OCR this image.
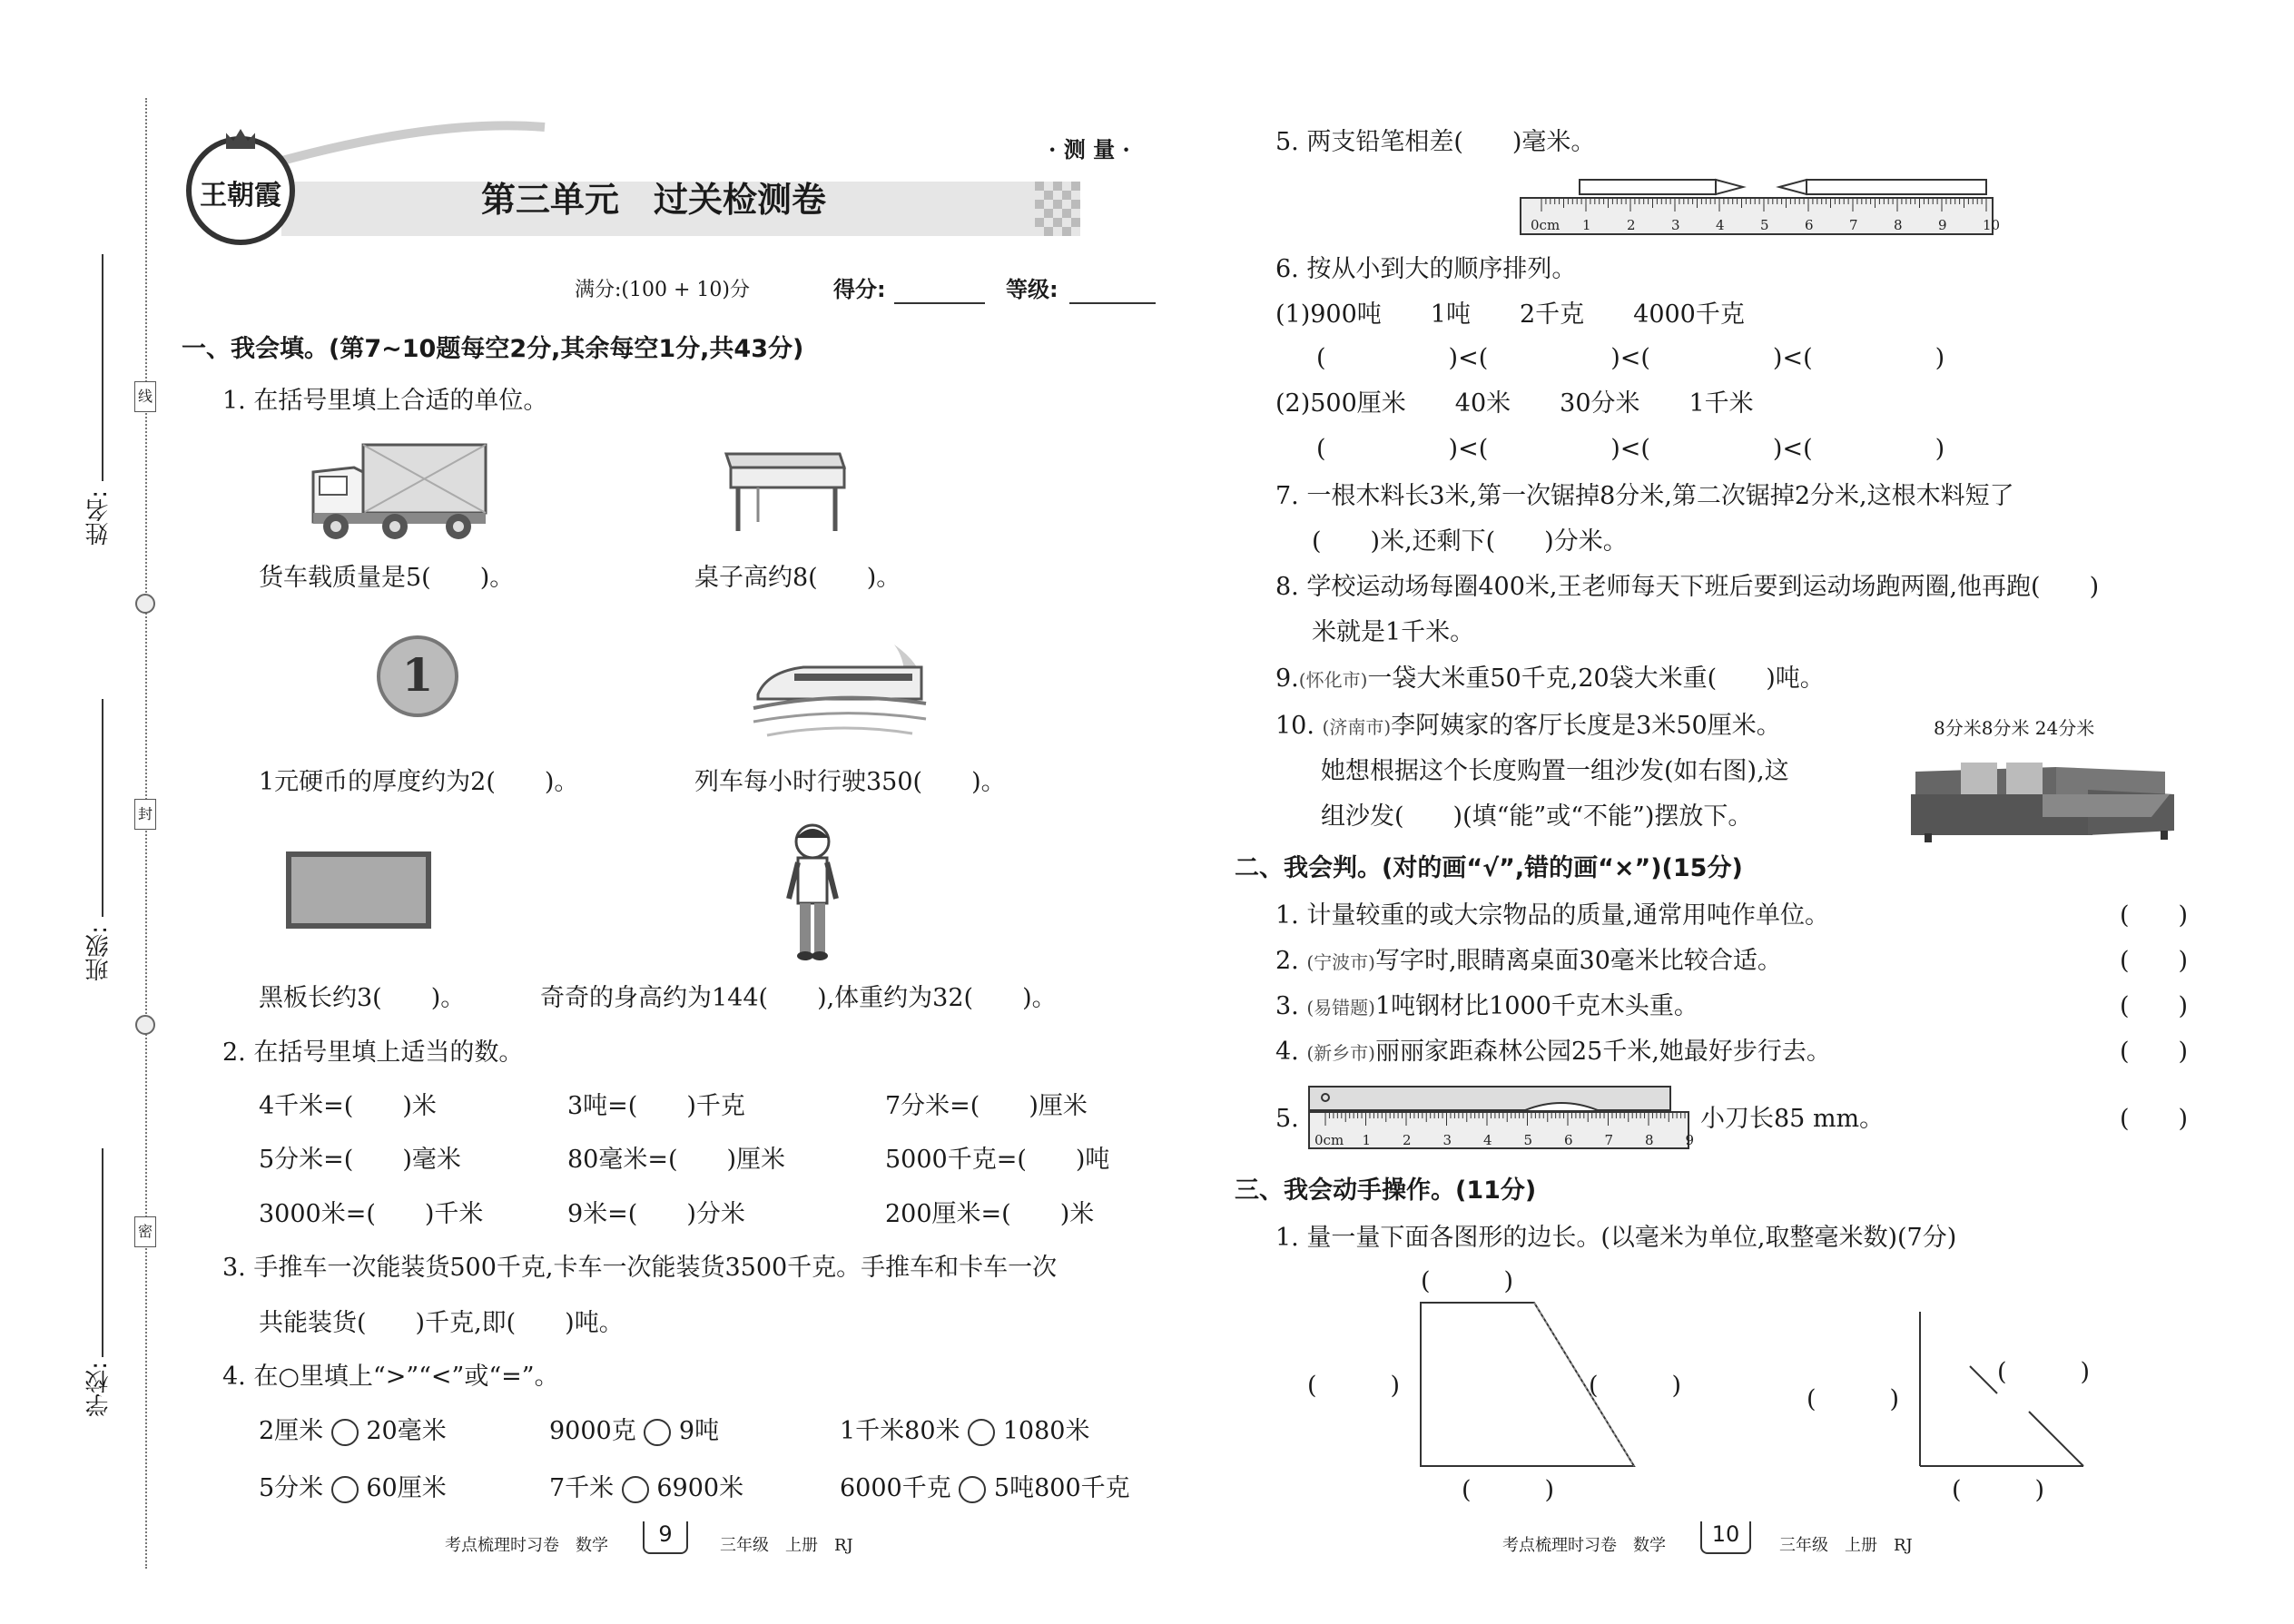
线
封
密
姓名:
班级:
学校:
王朝霞
· 测 量 ·
第三单元　过关检测卷
满分:(100 + 10)分	得分:	等级:
一、我会填。(第7~10题每空2分,其余每空1分,共43分)
1. 在括号里填上合适的单位。
货车载质量是5(　　)。	桌子高约8(　　)。
1
1元硬币的厚度约为2(　　)。	列车每小时行驶350(　　)。
黑板长约3(　　)。	奇奇的身高约为144(　　),体重约为32(　　)。
2. 在括号里填上适当的数。
4千米=(　　)米	3吨=(　　)千克	7分米=(　　)厘米
5分米=(　　)毫米	80毫米=(　　)厘米	5000千克=(　　)吨
3000米=(　　)千米	9米=(　　)分米	200厘米=(　　)米
3. 手推车一次能装货500千克,卡车一次能装货3500千克。手推车和卡车一次
共能装货(　　)千克,即(　　)吨。
4. 在○里填上“>”“<”或“=”。
2厘米 20毫米	9000克 9吨	1千米80米 1080米
5分米 60厘米	7千米 6900米	6000千克 5吨800千克
考点梳理时习卷　数学	9	三年级　上册　RJ
5. 两支铅笔相差(　　)毫米。
0cm 1	2	3	4	5	6	7	8	9	10
6. 按从小到大的顺序排列。
(1)900吨　　1吨　　2千克　　4000千克
(　　　　　)<(　　　　　)<(　　　　　)<(　　　　　)
(2)500厘米　　40米　　30分米　　1千米
(　　　　　)<(　　　　　)<(　　　　　)<(　　　　　)
7. 一根木料长3米,第一次锯掉8分米,第二次锯掉2分米,这根木料短了
(　　)米,还剩下(　　)分米。
8. 学校运动场每圈400米,王老师每天下班后要到运动场跑两圈,他再跑(　　)
米就是1千米。
9.(怀化市)一袋大米重50千克,20袋大米重(　　)吨。
10. (济南市)李阿姨家的客厅长度是3米50厘米。
她想根据这个长度购置一组沙发(如右图),这
组沙发(　　)(填“能”或“不能”)摆放下。
8分米8分米 24分米
二、我会判。(对的画“√”,错的画“×”)(15分)
1. 计量较重的或大宗物品的质量,通常用吨作单位。	(　　)
2. (宁波市)写字时,眼睛离桌面30毫米比较合适。	(　　)
3. (易错题)1吨钢材比1000千克木头重。	(　　)
4. (新乡市)丽丽家距森林公园25千米,她最好步行去。	(　　)
5.
0cm 1 2 3 4 5 6 7 8 9
小刀长85 mm。	(　　)
三、我会动手操作。(11分)
1. 量一量下面各图形的边长。(以毫米为单位,取整毫米数)(7分)
(　　　)
(　　　)	(　　　)
(　　　)
(　　　)
(　　　)
(　　　)
考点梳理时习卷　数学	10	三年级　上册　RJ
